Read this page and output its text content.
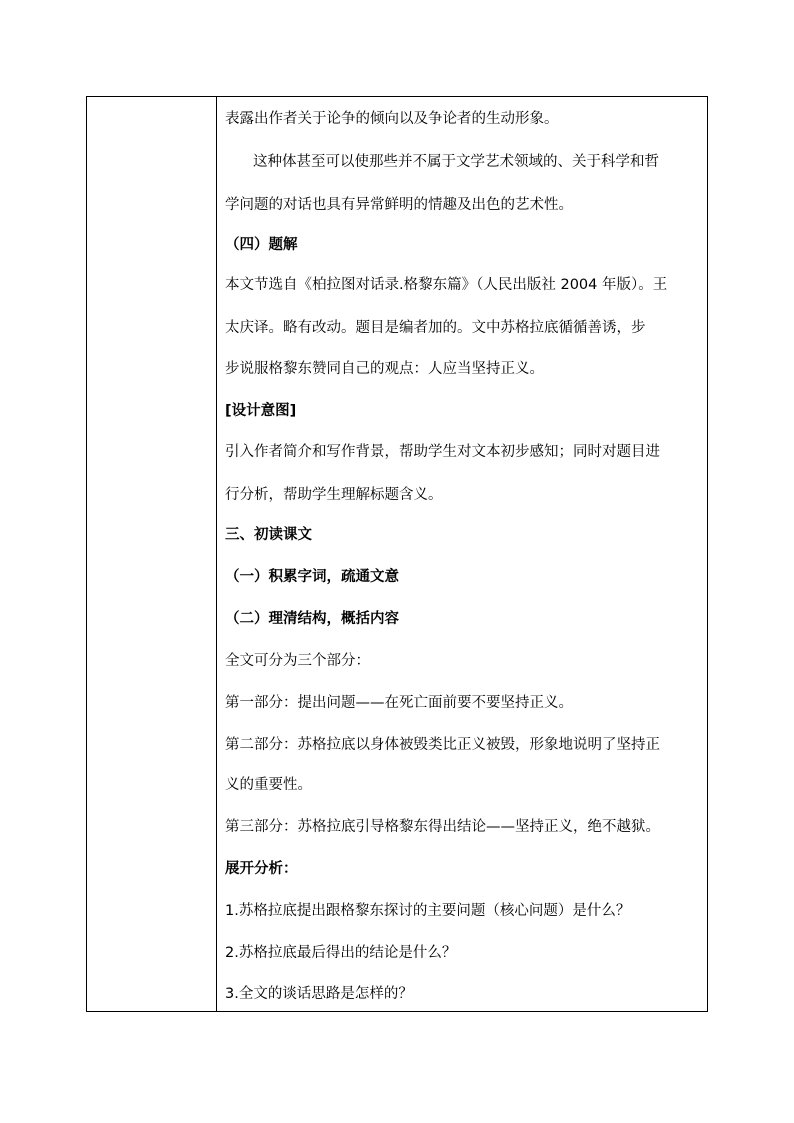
表露出作者关于论争的倾向以及争论者的生动形象。
这种体甚至可以使那些并不属于文学艺术领域的、关于科学和哲
学问题的对话也具有异常鲜明的情趣及出色的艺术性。
（四）题解
本文节选自《柏拉图对话录.格黎东篇》（人民出版社 2004 年版）。王
太庆译。略有改动。题目是编者加的。文中苏格拉底循循善诱，步
步说服格黎东赞同自己的观点：人应当坚持正义。
[设计意图]
引入作者简介和写作背景，帮助学生对文本初步感知；同时对题目进
行分析，帮助学生理解标题含义。
三、初读课文
（一）积累字词，疏通文意
（二）理清结构，概括内容
全文可分为三个部分：
第一部分：提出问题——在死亡面前要不要坚持正义。
第二部分：苏格拉底以身体被毁类比正义被毁，形象地说明了坚持正
义的重要性。
第三部分：苏格拉底引导格黎东得出结论——坚持正义，绝不越狱。
展开分析：
1.苏格拉底提出跟格黎东探讨的主要问题（核心问题）是什么？
2.苏格拉底最后得出的结论是什么？
3.全文的谈话思路是怎样的？
